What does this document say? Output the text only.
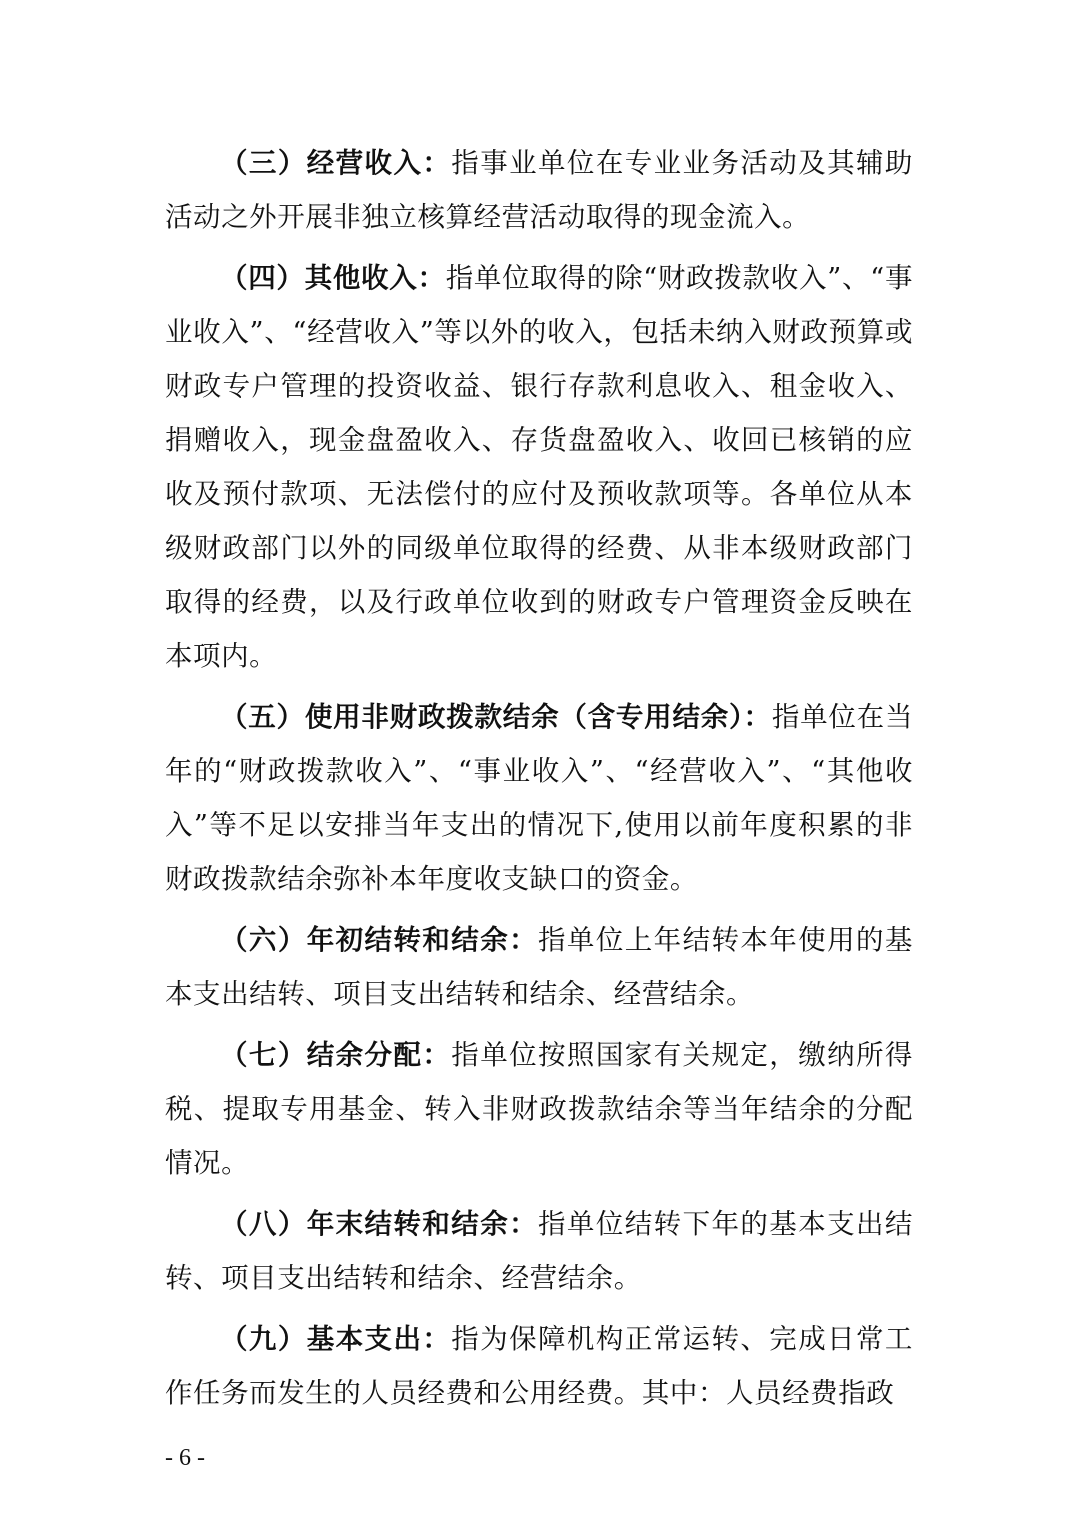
（三）经营收入：指事业单位在专业业务活动及其辅助活动之外开展非独立核算经营活动取得的现金流入。

（四）其他收入：指单位取得的除“财政拨款收入”、“事业收入”、“经营收入”等以外的收入，包括未纳入财政预算或财政专户管理的投资收益、银行存款利息收入、租金收入、捐赠收入，现金盘盈收入、存货盘盈收入、收回已核销的应收及预付款项、无法偿付的应付及预收款项等。各单位从本级财政部门以外的同级单位取得的经费、从非本级财政部门取得的经费，以及行政单位收到的财政专户管理资金反映在本项内。

（五）使用非财政拨款结余（含专用结余）：指单位在当年的“财政拨款收入”、“事业收入”、“经营收入”、“其他收入”等不足以安排当年支出的情况下,使用以前年度积累的非财政拨款结余弥补本年度收支缺口的资金。

（六）年初结转和结余：指单位上年结转本年使用的基本支出结转、项目支出结转和结余、经营结余。

（七）结余分配：指单位按照国家有关规定，缴纳所得税、提取专用基金、转入非财政拨款结余等当年结余的分配情况。

（八）年末结转和结余：指单位结转下年的基本支出结转、项目支出结转和结余、经营结余。

（九）基本支出：指为保障机构正常运转、完成日常工作任务而发生的人员经费和公用经费。其中：人员经费指政

- 6 -
